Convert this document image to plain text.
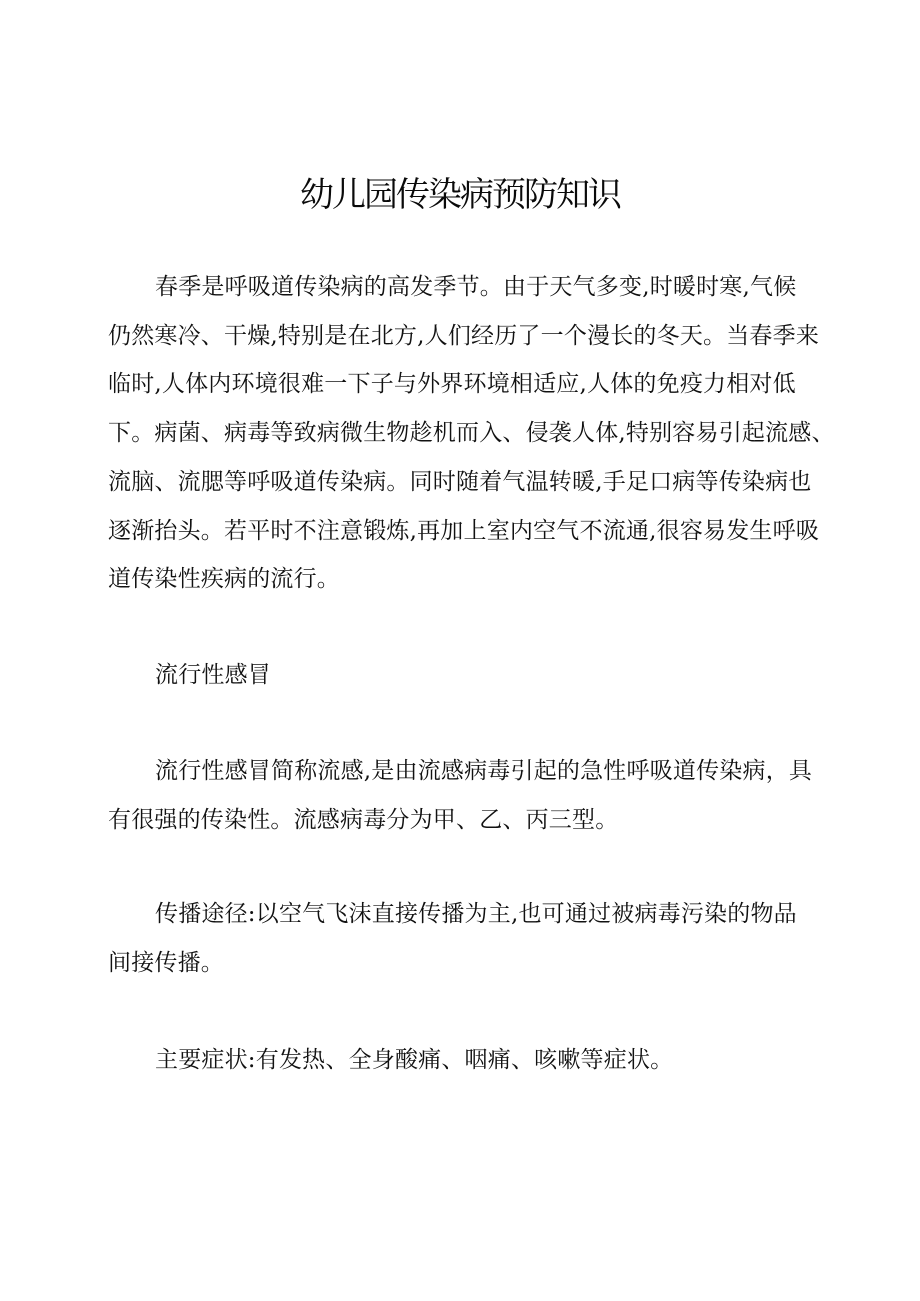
幼儿园传染病预防知识

春季是呼吸道传染病的高发季节。由于天气多变,时暖时寒,气候
仍然寒冷、干燥,特别是在北方,人们经历了一个漫长的冬天。当春季来
临时,人体内环境很难一下子与外界环境相适应,人体的免疫力相对低
下。病菌、病毒等致病微生物趁机而入、侵袭人体,特别容易引起流感、
流脑、流腮等呼吸道传染病。同时随着气温转暖,手足口病等传染病也
逐渐抬头。若平时不注意锻炼,再加上室内空气不流通,很容易发生呼吸
道传染性疾病的流行。

流行性感冒

流行性感冒简称流感,是由流感病毒引起的急性呼吸道传染病，具
有很强的传染性。流感病毒分为甲、乙、丙三型。

传播途径:以空气飞沫直接传播为主,也可通过被病毒污染的物品
间接传播。

主要症状:有发热、全身酸痛、咽痛、咳嗽等症状。
